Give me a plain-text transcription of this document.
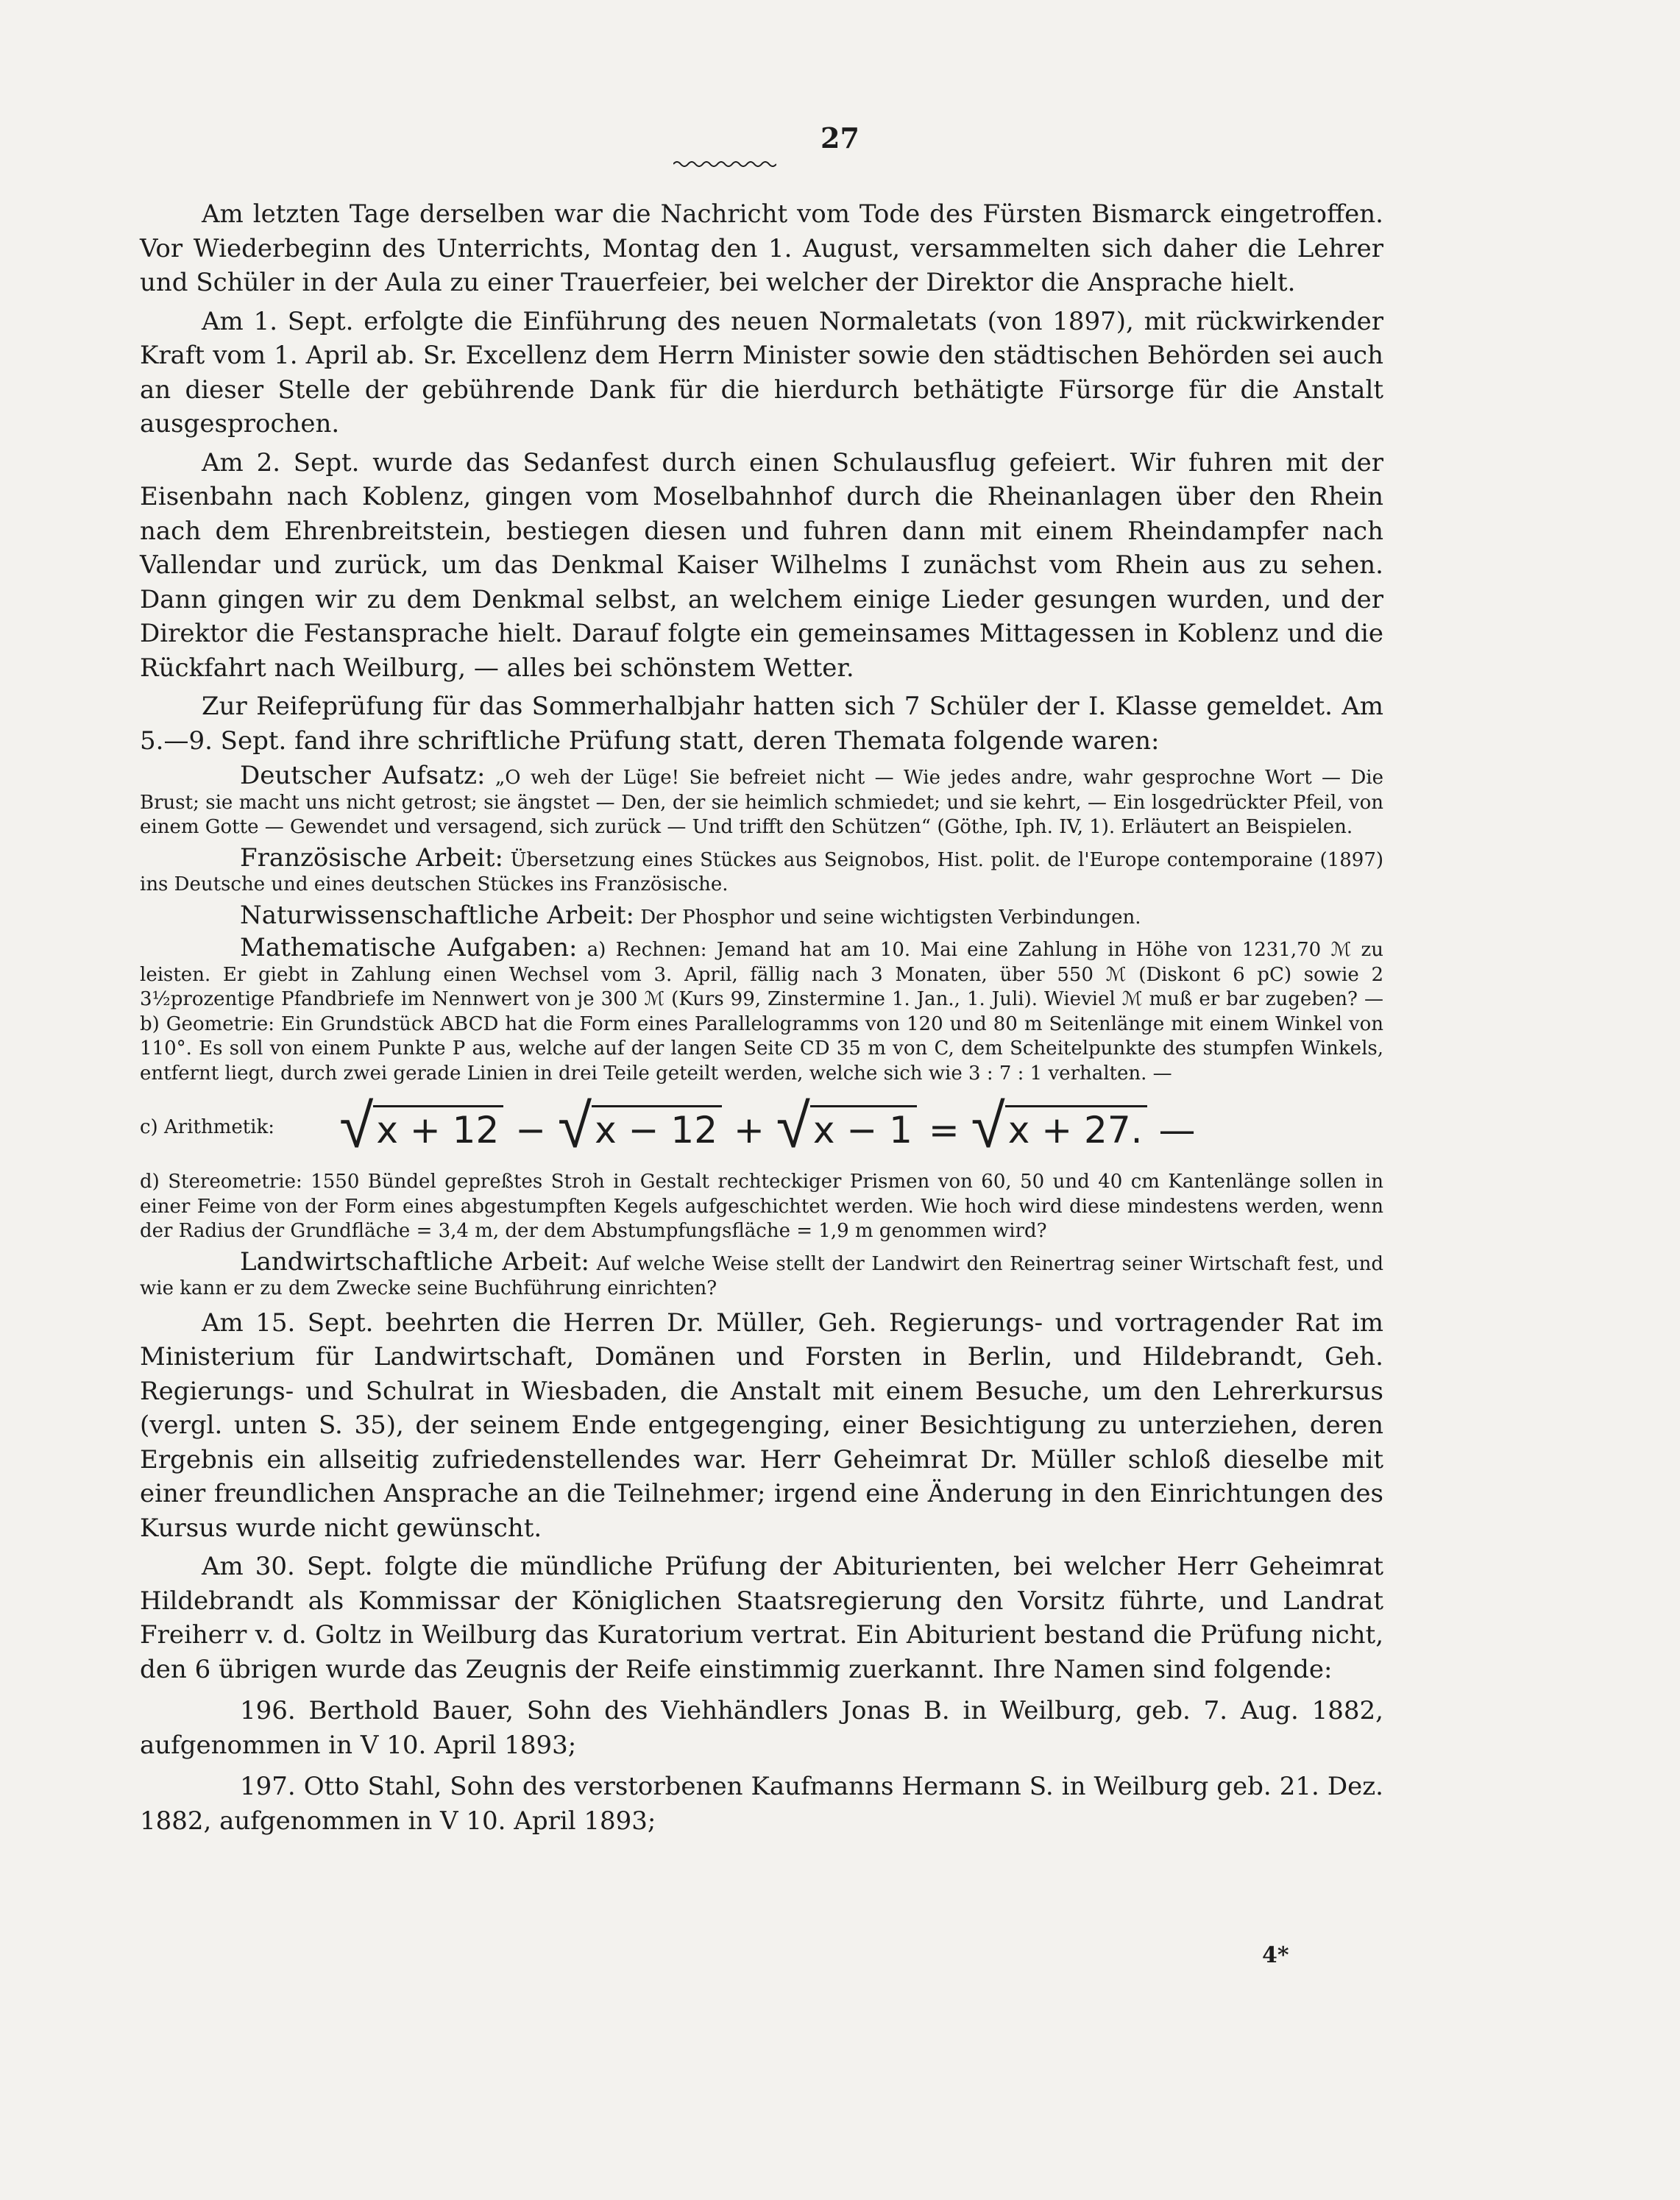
27

Am letzten Tage derselben war die Nachricht vom Tode des Fürsten Bismarck eingetroffen. Vor Wiederbeginn des Unterrichts, Montag den 1. August, versammelten sich daher die Lehrer und Schüler in der Aula zu einer Trauerfeier, bei welcher der Direktor die Ansprache hielt.

Am 1. Sept. erfolgte die Einführung des neuen Normaletats (von 1897), mit rückwirkender Kraft vom 1. April ab. Sr. Excellenz dem Herrn Minister sowie den städtischen Behörden sei auch an dieser Stelle der gebührende Dank für die hierdurch bethätigte Fürsorge für die Anstalt ausgesprochen.

Am 2. Sept. wurde das Sedanfest durch einen Schulausflug gefeiert. Wir fuhren mit der Eisenbahn nach Koblenz, gingen vom Moselbahnhof durch die Rheinanlagen über den Rhein nach dem Ehrenbreitstein, bestiegen diesen und fuhren dann mit einem Rheindampfer nach Vallendar und zurück, um das Denkmal Kaiser Wilhelms I zunächst vom Rhein aus zu sehen. Dann gingen wir zu dem Denkmal selbst, an welchem einige Lieder gesungen wurden, und der Direktor die Festansprache hielt. Darauf folgte ein gemeinsames Mittagessen in Koblenz und die Rückfahrt nach Weilburg, — alles bei schönstem Wetter.

Zur Reifeprüfung für das Sommerhalbjahr hatten sich 7 Schüler der I. Klasse gemeldet. Am 5.—9. Sept. fand ihre schriftliche Prüfung statt, deren Themata folgende waren:

Deutscher Aufsatz: „O weh der Lüge! Sie befreiet nicht — Wie jedes andre, wahr gesprochne Wort — Die Brust; sie macht uns nicht getrost; sie ängstet — Den, der sie heimlich schmiedet; und sie kehrt, — Ein losgedrückter Pfeil, von einem Gotte — Gewendet und versagend, sich zurück — Und trifft den Schützen“ (Göthe, Iph. IV, 1). Erläutert an Beispielen.

Französische Arbeit: Übersetzung eines Stückes aus Seignobos, Hist. polit. de l'Europe contemporaine (1897) ins Deutsche und eines deutschen Stückes ins Französische.

Naturwissenschaftliche Arbeit: Der Phosphor und seine wichtigsten Verbindungen.

Mathematische Aufgaben: a) Rechnen: Jemand hat am 10. Mai eine Zahlung in Höhe von 1231,70 ℳ zu leisten. Er giebt in Zahlung einen Wechsel vom 3. April, fällig nach 3 Monaten, über 550 ℳ (Diskont 6 pC) sowie 2 3½prozentige Pfandbriefe im Nennwert von je 300 ℳ (Kurs 99, Zinstermine 1. Jan., 1. Juli). Wieviel ℳ muß er bar zugeben? — b) Geometrie: Ein Grundstück ABCD hat die Form eines Parallelogramms von 120 und 80 m Seitenlänge mit einem Winkel von 110°. Es soll von einem Punkte P aus, welche auf der langen Seite CD 35 m von C, dem Scheitelpunkte des stumpfen Winkels, entfernt liegt, durch zwei gerade Linien in drei Teile geteilt werden, welche sich wie 3 : 7 : 1 verhalten. —

c) Arithmetik: √x + 12 − √x − 12 + √x − 1 = √x + 27. —

d) Stereometrie: 1550 Bündel gepreßtes Stroh in Gestalt rechteckiger Prismen von 60, 50 und 40 cm Kantenlänge sollen in einer Feime von der Form eines abgestumpften Kegels aufgeschichtet werden. Wie hoch wird diese mindestens werden, wenn der Radius der Grundfläche = 3,4 m, der dem Abstumpfungsfläche = 1,9 m genommen wird?

Landwirtschaftliche Arbeit: Auf welche Weise stellt der Landwirt den Reinertrag seiner Wirtschaft fest, und wie kann er zu dem Zwecke seine Buchführung einrichten?

Am 15. Sept. beehrten die Herren Dr. Müller, Geh. Regierungs- und vortragender Rat im Ministerium für Landwirtschaft, Domänen und Forsten in Berlin, und Hildebrandt, Geh. Regierungs- und Schulrat in Wiesbaden, die Anstalt mit einem Besuche, um den Lehrerkursus (vergl. unten S. 35), der seinem Ende entgegenging, einer Besichtigung zu unterziehen, deren Ergebnis ein allseitig zufriedenstellendes war. Herr Geheimrat Dr. Müller schloß dieselbe mit einer freundlichen Ansprache an die Teilnehmer; irgend eine Änderung in den Einrichtungen des Kursus wurde nicht gewünscht.

Am 30. Sept. folgte die mündliche Prüfung der Abiturienten, bei welcher Herr Geheimrat Hildebrandt als Kommissar der Königlichen Staatsregierung den Vorsitz führte, und Landrat Freiherr v. d. Goltz in Weilburg das Kuratorium vertrat. Ein Abiturient bestand die Prüfung nicht, den 6 übrigen wurde das Zeugnis der Reife einstimmig zuerkannt. Ihre Namen sind folgende:

196. Berthold Bauer, Sohn des Viehhändlers Jonas B. in Weilburg, geb. 7. Aug. 1882, aufgenommen in V 10. April 1893;

197. Otto Stahl, Sohn des verstorbenen Kaufmanns Hermann S. in Weilburg geb. 21. Dez. 1882, aufgenommen in V 10. April 1893;

4*
